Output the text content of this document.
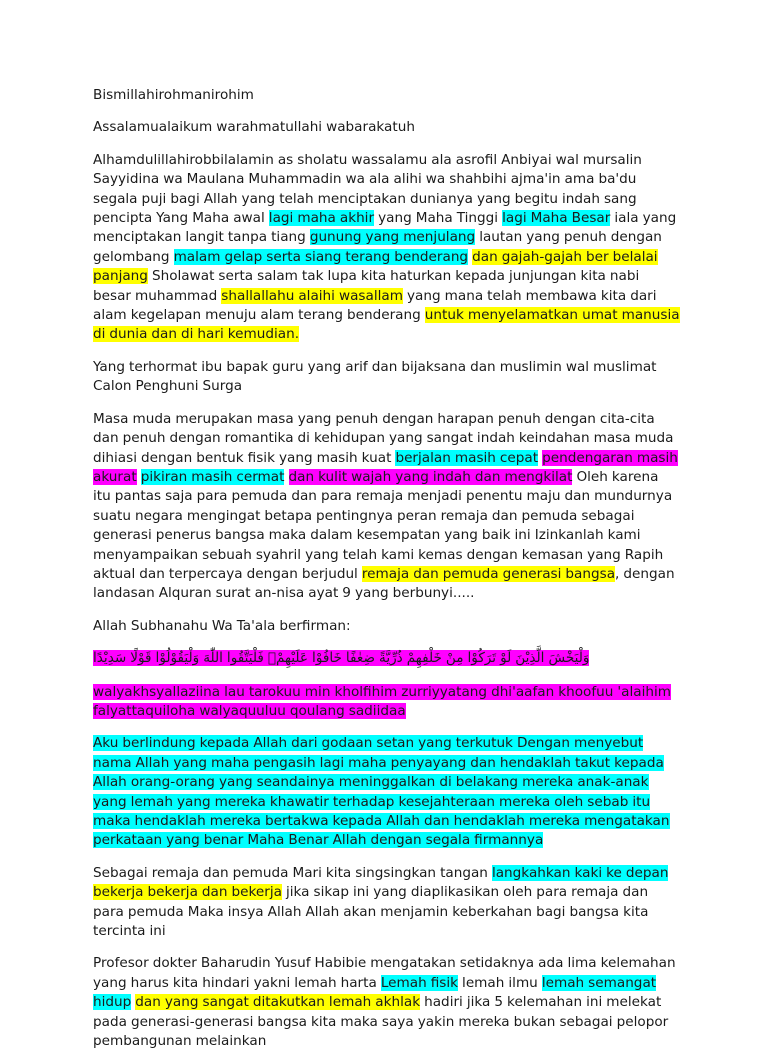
Bismillahirohmanirohim

Assalamualaikum warahmatullahi wabarakatuh

Alhamdulillahirobbilalamin as sholatu wassalamu ala asrofil Anbiyai wal mursalin Sayyidina wa Maulana Muhammadin wa ala alihi wa shahbihi ajma'in ama ba'du segala puji bagi Allah yang telah menciptakan dunianya yang begitu indah sang pencipta Yang Maha awal lagi maha akhir yang Maha Tinggi lagi Maha Besar iala yang menciptakan langit tanpa tiang gunung yang menjulang lautan yang penuh dengan gelombang malam gelap serta siang terang benderang dan gajah-gajah ber belalai panjang Sholawat serta salam tak lupa kita haturkan kepada junjungan kita nabi besar muhammad shallallahu alaihi wasallam yang mana telah membawa kita dari alam kegelapan menuju alam terang benderang untuk menyelamatkan umat manusia di dunia dan di hari kemudian.

Yang terhormat ibu bapak guru yang arif dan bijaksana dan muslimin wal muslimat Calon Penghuni Surga

Masa muda merupakan masa yang penuh dengan harapan penuh dengan cita-cita dan penuh dengan romantika di kehidupan yang sangat indah keindahan masa muda dihiasi dengan bentuk fisik yang masih kuat berjalan masih cepat pendengaran masih akurat pikiran masih cermat dan kulit wajah yang indah dan mengkilat Oleh karena itu pantas saja para pemuda dan para remaja menjadi penentu maju dan mundurnya suatu negara mengingat betapa pentingnya peran remaja dan pemuda sebagai generasi penerus bangsa maka dalam kesempatan yang baik ini Izinkanlah kami menyampaikan sebuah syahril yang telah kami kemas dengan kemasan yang Rapih aktual dan terpercaya dengan berjudul remaja dan pemuda generasi bangsa, dengan landasan Alquran surat an-nisa ayat 9 yang berbunyi.....

Allah Subhanahu Wa Ta'ala berfirman:

وَلْيَخْشَ الَّذِيْنَ لَوْ تَرَكُوْا مِنْ خَلْفِهِمْ ذُرِّيَّةً ضِعٰفًا خَافُوْا عَلَيْهِمْۖ فَلْيَتَّقُوا اللّٰهَ وَلْيَقُوْلُوْا قَوْلًا سَدِيْدًا

walyakhsyallaziina lau tarokuu min kholfihim zurriyyatang dhi'aafan khoofuu 'alaihim falyattaquiloha walyaquuluu qoulang sadiidaa

Aku berlindung kepada Allah dari godaan setan yang terkutuk Dengan menyebut nama Allah yang maha pengasih lagi maha penyayang dan hendaklah takut kepada Allah orang-orang yang seandainya meninggalkan di belakang mereka anak-anak yang lemah yang mereka khawatir terhadap kesejahteraan mereka oleh sebab itu maka hendaklah mereka bertakwa kepada Allah dan hendaklah mereka mengatakan perkataan yang benar Maha Benar Allah dengan segala firmannya

Sebagai remaja dan pemuda Mari kita singsingkan tangan langkahkan kaki ke depan bekerja bekerja dan bekerja jika sikap ini yang diaplikasikan oleh para remaja dan para pemuda Maka insya Allah Allah akan menjamin keberkahan bagi bangsa kita tercinta ini

Profesor dokter Baharudin Yusuf Habibie mengatakan setidaknya ada lima kelemahan yang harus kita hindari yakni lemah harta Lemah fisik lemah ilmu lemah semangat hidup dan yang sangat ditakutkan lemah akhlak hadiri jika 5 kelemahan ini melekat pada generasi-generasi bangsa kita maka saya yakin mereka bukan sebagai pelopor pembangunan melainkan
